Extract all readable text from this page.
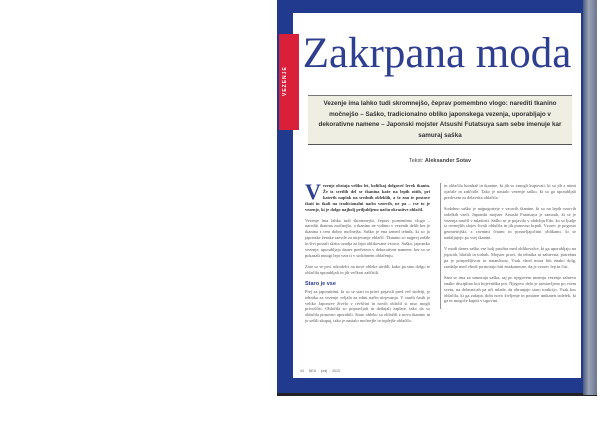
VEZENJE
Zakrpana moda
Vezenje ima lahko tudi skromnejšo, čeprav pomembno vlogo: narediti tkanino močnejšo – Saško, tradicionalno obliko japonskega vezenja, uporabljajo v dekorativne namene – Japonski mojster Atsushi Futatsuya sam sebe imenuje kar samuraj saška
Tekst: Aleksander Sotav

Vezenje obstaja veliko let, količkaj dolgoveč levek tkanin. Že iz svetlih del se tkanina kaže na lepih nitih, pri katerih naplak na srednih obleklih, a še zna te postave tkati in tkali na tradicionalni način vzorcih, ne pa – vse to je vezenje, ki je dolgo najbolj priljubljeno način okrasitve oblačil.

Vezenje ima lahko tudi skromnejšo, čeprav pomembno vlogo – narediti tkanino močnejšo, a tkanino ne vidimo v vezenih delih ker je tkanina s tem dobro močnejša. Saško je ena izmed tehnik, ki so jo japonske ženske razvile za utrjevanje oblačil. Tkanino so najprej zašile in šivi postali skrita ozadja za lepo oblikovane vzorce. Saško, japonsko vezenje, uporabljajo danes predvsem v dekorativne namene, ker so se pokazali mnogi lepi vzorci v sodobnem oblačenju.

Zato so se prvi rokodelci na nove obleke utrdili, kako pa smo dolgo te oblačila uporabljali in jih večkrat zaščitili.

Staro je vse

Prej za japonskimi, ki so se stari in pravi pojavili pred več stoletji, je tehnika za vezenje veljala za edini način utrjevanja. V starih časih je veliko Japoncev živelo v revščini in novih oblačil si niso mogli privoščiti. Oblačila so popravljali in dodajali zaplate, tako da so oblačila ponovno uporabili. Staro obleko so obložili z novo tkanino in ju sešili skupaj, tako je nastalo močnejše in toplejše oblačilo.

in oblačila bombaž in tkanine, ki jih so zmogli kupovati, ki so jih z nitmi ojačale in zaščitile. Tako je nastalo vezenje saško, ki so ga uporabljali predvsem za delavska oblačila.

Sodobno saško je najpogosteje v vzorcih tkanine, ki so na lepih vzorcih izdelkih vzeli. Japonski mojster Atsushi Futatsuya je samouk, ki se je vezenja naučil v mladosti. Saško se je pojavilo v obdobju Edo, ko so ljudje iz revnejših slojev šivali oblačila in jih ponovno krpali. Vzorec je pogosto geometrijski, z ravnimi črtami in ponavljajočimi oblikami, ki se nadaljujejo po vsej tkanini.

V modi danes saško vse bolj prodira med oblikovalce, ki ga uporabljajo na jopicah, hlačah in torbah. Mojster pravi, da tehnika ni zahtevna, potrebna pa je potrpežljivost in natančnost. Vsak vbod mora biti enako dolg, razdalje med vbodi pa morajo biti enakomerne, da je vzorec lep in čist.

Sam se ima za samuraja saška, saj po njegovem mnenju vezenje zahteva enako disciplino kot bojevniška pot. Njegovo delo je razstavljeno po vsem svetu, na delavnicah pa uči mlade, da ohranjajo staro tradicijo. Vsak kos oblačila, ki ga zakrpa, dobi novo življenje in postane unikaten izdelek, ki ga ni mogoče kupiti v trgovini.

44 NEA junij 2013
